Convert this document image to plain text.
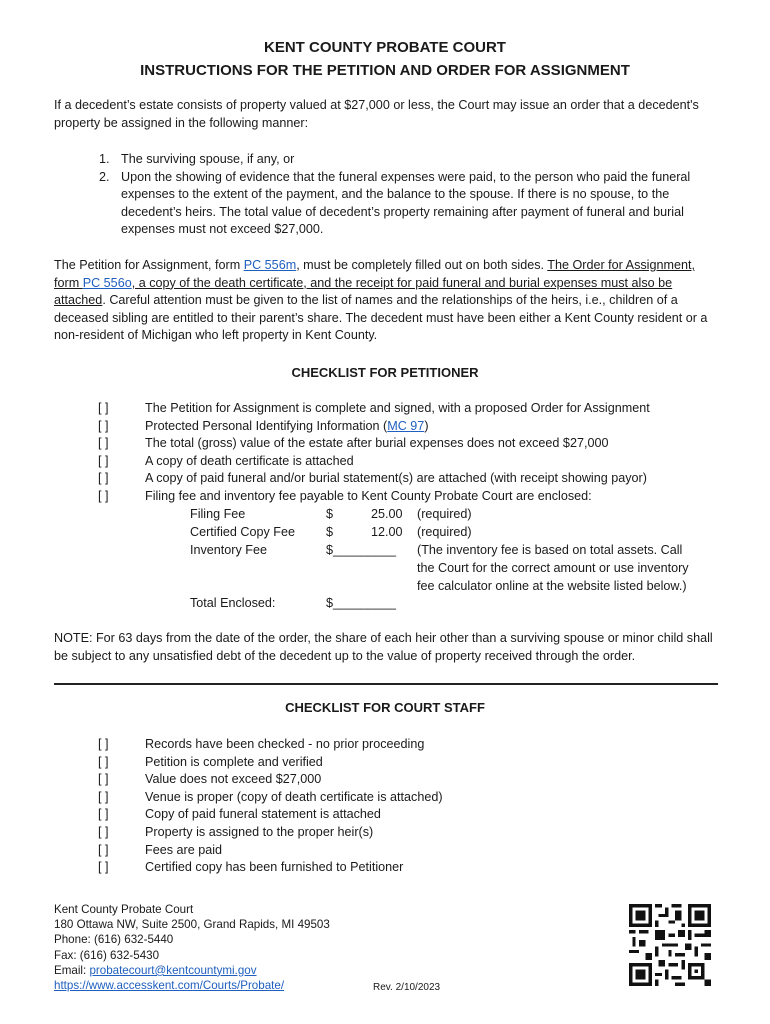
KENT COUNTY PROBATE COURT
INSTRUCTIONS FOR THE PETITION AND ORDER FOR ASSIGNMENT
If a decedent’s estate consists of property valued at $27,000 or less, the Court may issue an order that a decedent's property be assigned in the following manner:
1. The surviving spouse, if any, or
2. Upon the showing of evidence that the funeral expenses were paid, to the person who paid the funeral expenses to the extent of the payment, and the balance to the spouse. If there is no spouse, to the decedent’s heirs. The total value of decedent’s property remaining after payment of funeral and burial expenses must not exceed $27,000.
The Petition for Assignment, form PC 556m, must be completely filled out on both sides. The Order for Assignment, form PC 556o, a copy of the death certificate, and the receipt for paid funeral and burial expenses must also be attached. Careful attention must be given to the list of names and the relationships of the heirs, i.e., children of a deceased sibling are entitled to their parent’s share. The decedent must have been either a Kent County resident or a non-resident of Michigan who left property in Kent County.
CHECKLIST FOR PETITIONER
[ ]	The Petition for Assignment is complete and signed, with a proposed Order for Assignment
[ ]	Protected Personal Identifying Information (MC 97)
[ ]	The total (gross) value of the estate after burial expenses does not exceed $27,000
[ ]	A copy of death certificate is attached
[ ]	A copy of paid funeral and/or burial statement(s) are attached (with receipt showing payor)
[ ]	Filing fee and inventory fee payable to Kent County Probate Court are enclosed:
Filing Fee	$	25.00 (required)
Certified Copy Fee $	12.00 (required)
Inventory Fee	$_________ (The inventory fee is based on total assets. Call
the Court for the correct amount or use inventory
fee calculator online at the website listed below.)
Total Enclosed:	$_________
NOTE: For 63 days from the date of the order, the share of each heir other than a surviving spouse or minor child shall be subject to any unsatisfied debt of the decedent up to the value of property received through the order.
CHECKLIST FOR COURT STAFF
[ ]	Records have been checked - no prior proceeding
[ ]	Petition is complete and verified
[ ]	Value does not exceed $27,000
[ ]	Venue is proper (copy of death certificate is attached)
[ ]	Copy of paid funeral statement is attached
[ ]	Property is assigned to the proper heir(s)
[ ]	Fees are paid
[ ]	Certified copy has been furnished to Petitioner
Kent County Probate Court
180 Ottawa NW, Suite 2500, Grand Rapids, MI 49503
Phone: (616) 632-5440
Fax: (616) 632-5430
Email: probatecourt@kentcountymi.gov
https://www.accesskent.com/Courts/Probate/	Rev. 2/10/2023
